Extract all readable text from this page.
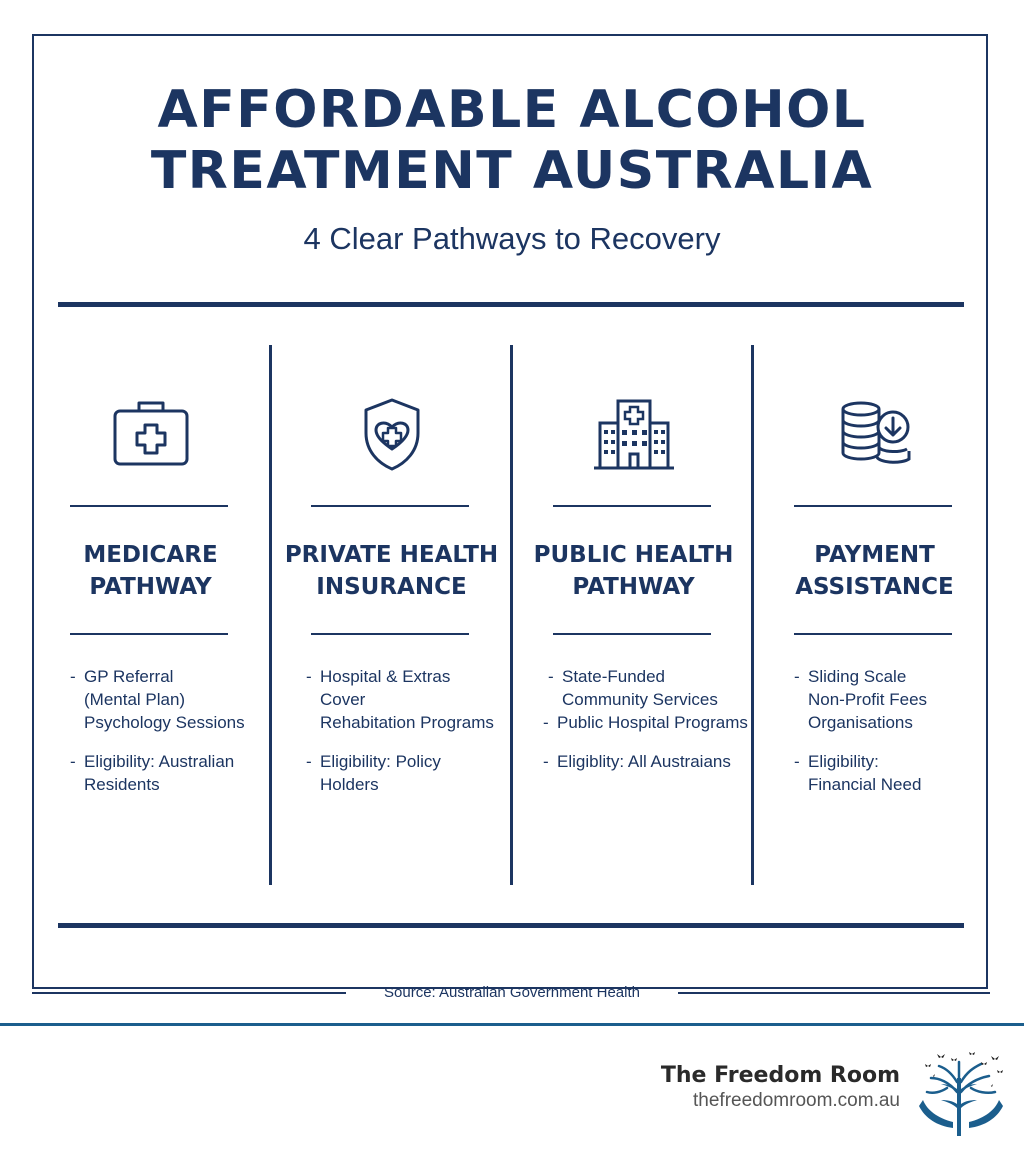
AFFORDABLE ALCOHOL
TREATMENT AUSTRALIA

4 Clear Pathways to Recovery

MEDICARE
PATHWAY
- GP Referral
(Mental Plan)
Psychology Sessions
- Eligibility: Australian
Residents
PRIVATE HEALTH
INSURANCE
- Hospital & Extras
Cover
Rehabitation Programs
- Eligibility: Policy
Holders
PUBLIC HEALTH
PATHWAY
- State-Funded
Community Services
- Public Hospital Programs
- Eligiblity: All Austraians
PAYMENT
ASSISTANCE
- Sliding Scale
Non-Profit Fees
Organisations
- Eligibility:
Financial Need
Source: Australian Government Health
The Freedom Room
thefreedomroom.com.au
